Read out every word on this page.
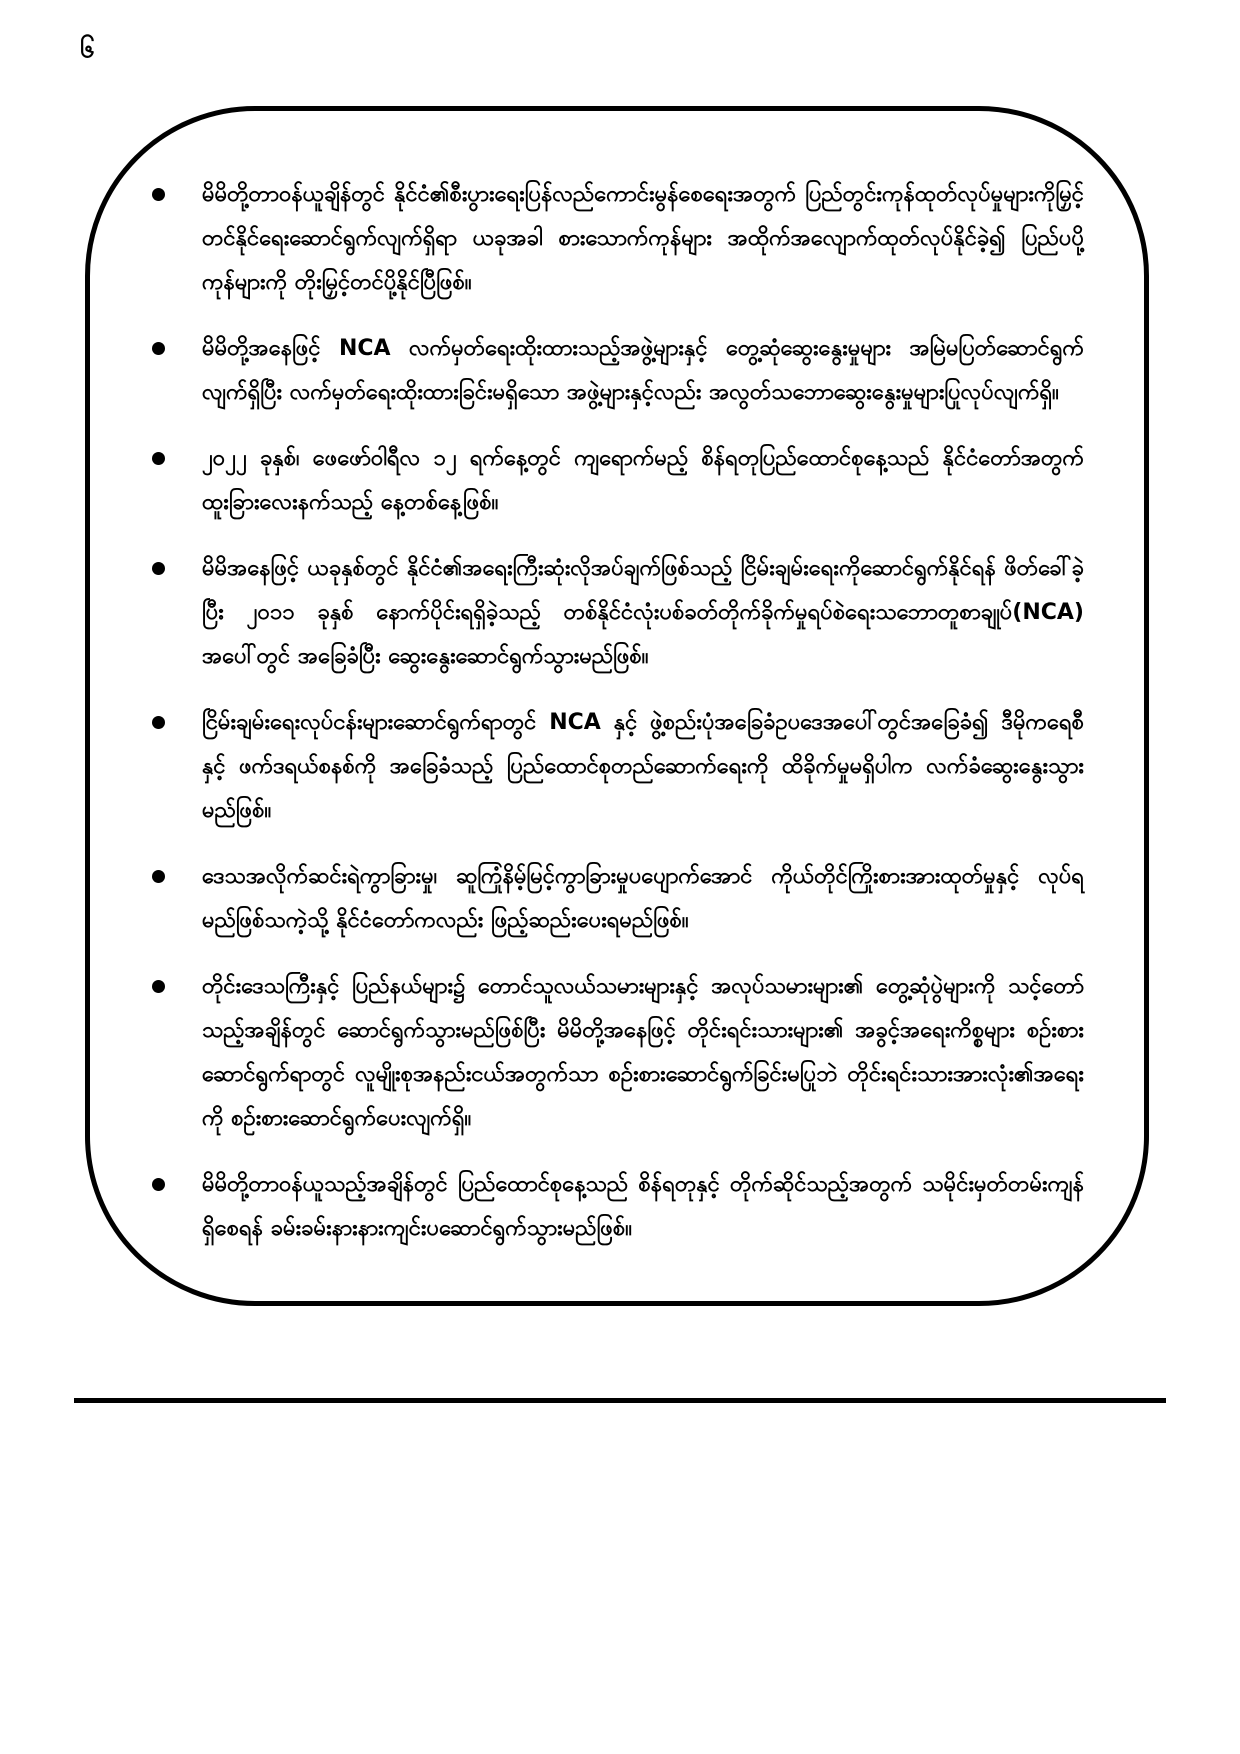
၆
မိမိတို့တာဝန်ယူချိန်တွင် နိုင်ငံ၏စီးပွားရေးပြန်လည်ကောင်းမွန်စေရေးအတွက် ပြည်တွင်းကုန်ထုတ်လုပ်မှုများကိုမြှင့်တင်နိုင်ရေးဆောင်ရွက်လျက်ရှိရာ ယခုအခါ စားသောက်ကုန်များ အထိုက်အလျောက်ထုတ်လုပ်နိုင်ခဲ့၍ ပြည်ပပို့ကုန်များကို တိုးမြှင့်တင်ပို့နိုင်ပြီဖြစ်။
မိမိတို့အနေဖြင့် NCA လက်မှတ်ရေးထိုးထားသည့်အဖွဲ့များနှင့် တွေ့ဆုံဆွေးနွေးမှုများ အမြဲမပြတ်ဆောင်ရွက်လျက်ရှိပြီး လက်မှတ်ရေးထိုးထားခြင်းမရှိသော အဖွဲ့များနှင့်လည်း အလွတ်သဘောဆွေးနွေးမှုများပြုလုပ်လျက်ရှိ။
၂၀၂၂ ခုနှစ်၊ ဖေဖော်ဝါရီလ ၁၂ ရက်နေ့တွင် ကျရောက်မည့် စိန်ရတုပြည်ထောင်စုနေ့သည် နိုင်ငံတော်အတွက် ထူးခြားလေးနက်သည့် နေ့တစ်နေ့ဖြစ်။
မိမိအနေဖြင့် ယခုနှစ်တွင် နိုင်ငံ၏အရေးကြီးဆုံးလိုအပ်ချက်ဖြစ်သည့် ငြိမ်းချမ်းရေးကိုဆောင်ရွက်နိုင်ရန် ဖိတ်ခေါ်ခဲ့ပြီး ၂၀၁၁ ခုနှစ် နောက်ပိုင်းရရှိခဲ့သည့် တစ်နိုင်ငံလုံးပစ်ခတ်တိုက်ခိုက်မှုရပ်စဲရေးသဘောတူစာချုပ်(NCA) အပေါ်တွင် အခြေခံပြီး ဆွေးနွေးဆောင်ရွက်သွားမည်ဖြစ်။
ငြိမ်းချမ်းရေးလုပ်ငန်းများဆောင်ရွက်ရာတွင် NCA နှင့် ဖွဲ့စည်းပုံအခြေခံဥပဒေအပေါ်တွင်အခြေခံ၍ ဒီမိုကရေစီနှင့် ဖက်ဒရယ်စနစ်ကို အခြေခံသည့် ပြည်ထောင်စုတည်ဆောက်ရေးကို ထိခိုက်မှုမရှိပါက လက်ခံဆွေးနွေးသွားမည်ဖြစ်။
ဒေသအလိုက်ဆင်းရဲကွာခြားမှု၊ ဆူကြုံနိမ့်မြင့်ကွာခြားမှုပပျောက်အောင် ကိုယ်တိုင်ကြိုးစားအားထုတ်မှုနှင့် လုပ်ရမည်ဖြစ်သကဲ့သို့ နိုင်ငံတော်ကလည်း ဖြည့်ဆည်းပေးရမည်ဖြစ်။
တိုင်းဒေသကြီးနှင့် ပြည်နယ်များ၌ တောင်သူလယ်သမားများနှင့် အလုပ်သမားများ၏ တွေ့ဆုံပွဲများကို သင့်တော်သည့်အချိန်တွင် ဆောင်ရွက်သွားမည်ဖြစ်ပြီး မိမိတို့အနေဖြင့် တိုင်းရင်းသားများ၏ အခွင့်အရေးကိစ္စများ စဉ်းစားဆောင်ရွက်ရာတွင် လူမျိုးစုအနည်းငယ်အတွက်သာ စဉ်းစားဆောင်ရွက်ခြင်းမပြုဘဲ တိုင်းရင်းသားအားလုံး၏အရေးကို စဉ်းစားဆောင်ရွက်ပေးလျက်ရှိ။
မိမိတို့တာဝန်ယူသည့်အချိန်တွင် ပြည်ထောင်စုနေ့သည် စိန်ရတုနှင့် တိုက်ဆိုင်သည့်အတွက် သမိုင်းမှတ်တမ်းကျန်ရှိစေရန် ခမ်းခမ်းနားနားကျင်းပဆောင်ရွက်သွားမည်ဖြစ်။
